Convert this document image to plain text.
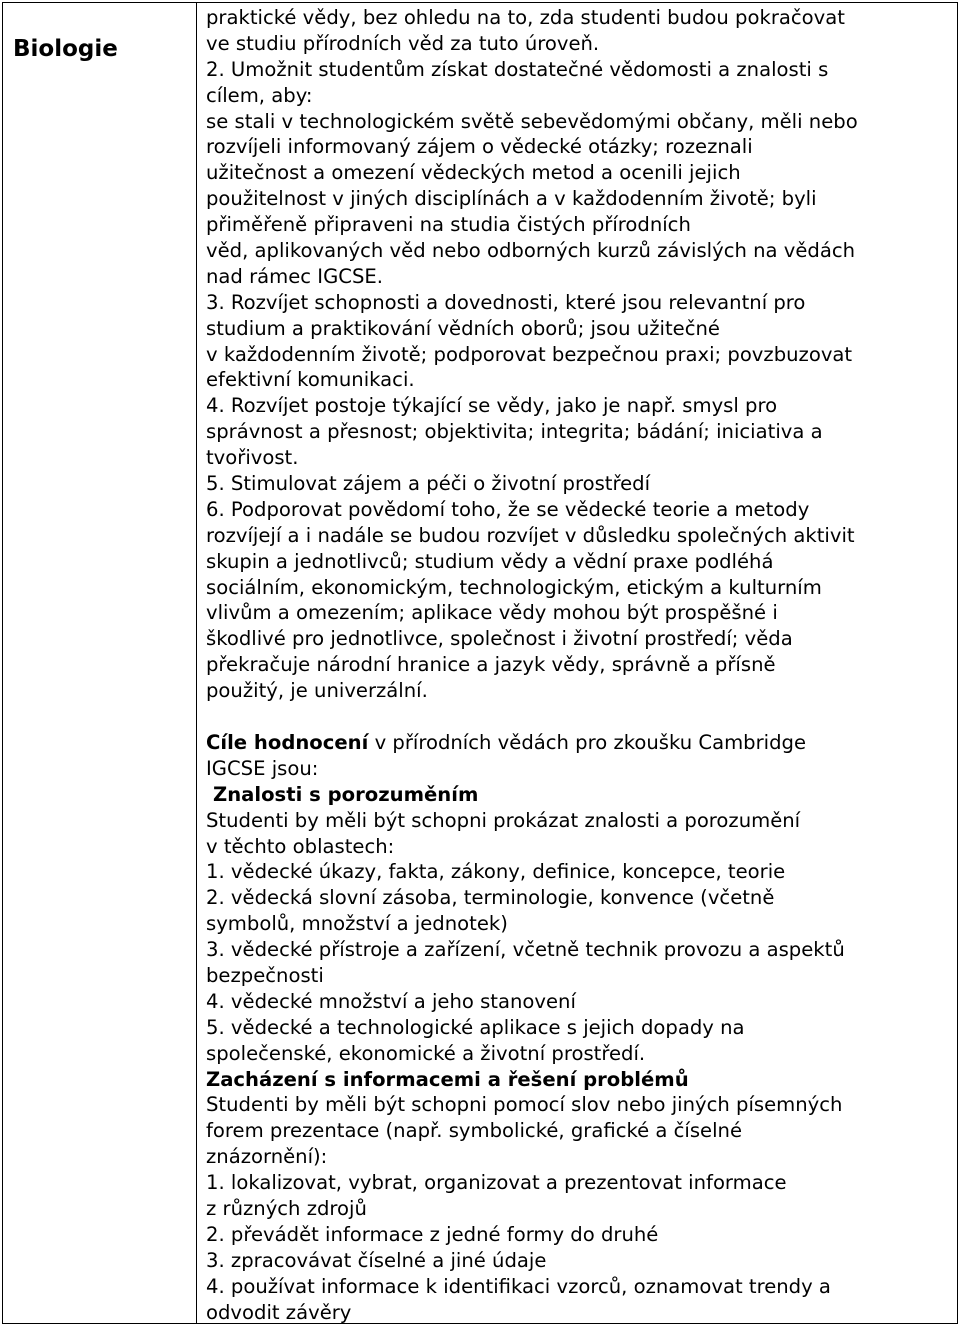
Biologie
praktické vědy, bez ohledu na to, zda studenti budou pokračovat
ve studiu přírodních věd za tuto úroveň.
2. Umožnit studentům získat dostatečné vědomosti a znalosti s
cílem, aby:
se stali v technologickém světě sebevědomými občany, měli nebo
rozvíjeli informovaný zájem o vědecké otázky; rozeznali
užitečnost a omezení vědeckých metod a ocenili jejich
použitelnost v jiných disciplínách a v každodenním životě; byli
přiměřeně připraveni na studia čistých přírodních
věd, aplikovaných věd nebo odborných kurzů závislých na vědách
nad rámec IGCSE.
3. Rozvíjet schopnosti a dovednosti, které jsou relevantní pro
studium a praktikování vědních oborů; jsou užitečné
v každodenním životě; podporovat bezpečnou praxi; povzbuzovat
efektivní komunikaci.
4. Rozvíjet postoje týkající se vědy, jako je např. smysl pro
správnost a přesnost; objektivita; integrita; bádání; iniciativa a
tvořivost.
5. Stimulovat zájem a péči o životní prostředí
6. Podporovat povědomí toho, že se vědecké teorie a metody
rozvíjejí a i nadále se budou rozvíjet v důsledku společných aktivit
skupin a jednotlivců; studium vědy a vědní praxe podléhá
sociálním, ekonomickým, technologickým, etickým a kulturním
vlivům a omezením; aplikace vědy mohou být prospěšné i
škodlivé pro jednotlivce, společnost i životní prostředí; věda
překračuje národní hranice a jazyk vědy, správně a přísně
použitý, je univerzální.
Cíle hodnocení v přírodních vědách pro zkoušku Cambridge
IGCSE jsou:
Znalosti s porozuměním
Studenti by měli být schopni prokázat znalosti a porozumění
v těchto oblastech:
1. vědecké úkazy, fakta, zákony, definice, koncepce, teorie
2. vědecká slovní zásoba, terminologie, konvence (včetně
symbolů, množství a jednotek)
3. vědecké přístroje a zařízení, včetně technik provozu a aspektů
bezpečnosti
4. vědecké množství a jeho stanovení
5. vědecké a technologické aplikace s jejich dopady na
společenské, ekonomické a životní prostředí.
Zacházení s informacemi a řešení problémů
Studenti by měli být schopni pomocí slov nebo jiných písemných
forem prezentace (např. symbolické, grafické a číselné
znázornění):
1. lokalizovat, vybrat, organizovat a prezentovat informace
z různých zdrojů
2. převádět informace z jedné formy do druhé
3. zpracovávat číselné a jiné údaje
4. používat informace k identifikaci vzorců, oznamovat trendy a
odvodit závěry
